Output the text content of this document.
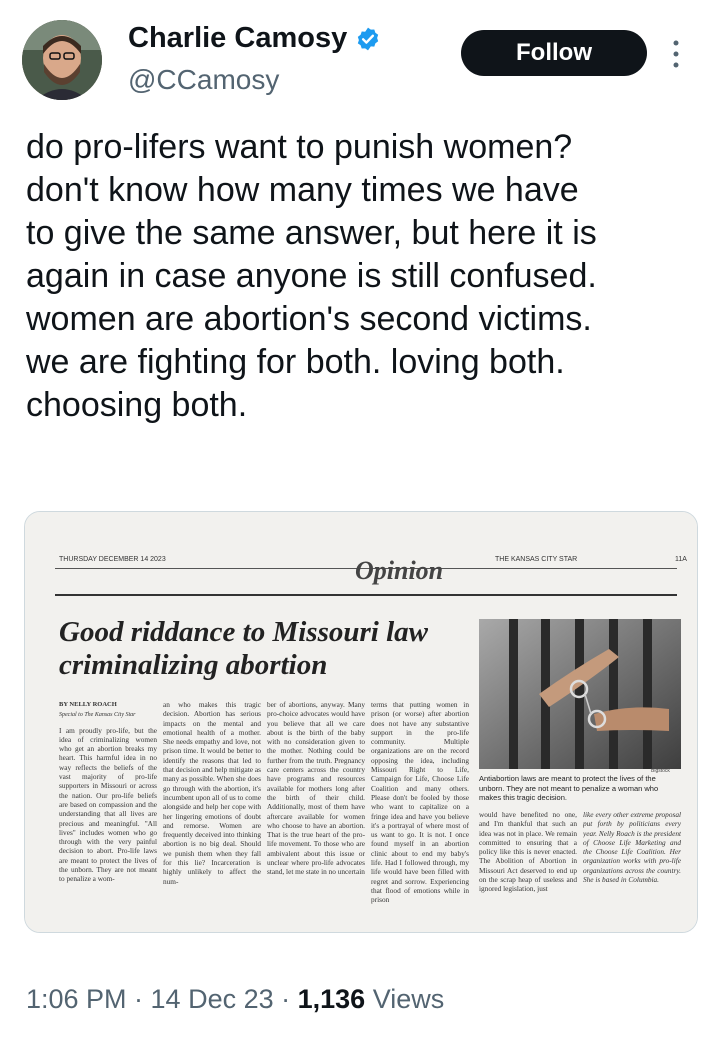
Charlie Camosy
@CCamosy
Follow
do pro-lifers want to punish women?
don't know how many times we have
to give the same answer, but here it is
again in case anyone is still confused.
women are abortion's second victims.
we are fighting for both. loving both.
choosing both.
THURSDAY DECEMBER 14 2023	THE KANSAS CITY STAR	11A
Opinion
Good riddance to Missouri law criminalizing abortion
BY NELLY ROACH
Special to The Kansas City Star
I am proudly pro-life, but the idea of criminalizing women who get an abortion breaks my heart. This harmful idea in no way reflects the beliefs of the vast majority of pro-life supporters in Missouri or across the nation. Our pro-life beliefs are based on compassion and the understanding that all lives are precious and meaningful. "All lives" includes women who go through with the very painful decision to abort. Pro-life laws are meant to protect the lives of the unborn. They are not meant to penalize a wom-
an who makes this tragic decision. Abortion has serious impacts on the mental and emotional health of a mother. She needs empathy and love, not prison time. It would be better to identify the reasons that led to that decision and help mitigate as many as possible. When she does go through with the abortion, it's incumbent upon all of us to come alongside and help her cope with her lingering emotions of doubt and remorse. Women are frequently deceived into thinking abortion is no big deal. Should we punish them when they fall for this lie? Incarceration is highly unlikely to affect the num-
ber of abortions, anyway. Many pro-choice advocates would have you believe that all we care about is the birth of the baby with no consideration given to the mother. Nothing could be further from the truth. Pregnancy care centers across the country have programs and resources available for mothers long after the birth of their child. Additionally, most of them have aftercare available for women who choose to have an abortion. That is the true heart of the pro-life movement. To those who are ambivalent about this issue or unclear where pro-life advocates stand, let me state in no uncertain
terms that putting women in prison (or worse) after abortion does not have any substantive support in the pro-life community. Multiple organizations are on the record opposing the idea, including Missouri Right to Life, Campaign for Life, Choose Life Coalition and many others. Please don't be fooled by those who want to capitalize on a fringe idea and have you believe it's a portrayal of where most of us want to go. It is not. I once found myself in an abortion clinic about to end my baby's life. Had I followed through, my life would have been filled with regret and sorrow. Experiencing that flood of emotions while in prison
Bigstock
Antiabortion laws are meant to protect the lives of the unborn. They are not meant to penalize a woman who makes this tragic decision.
would have benefited no one, and I'm thankful that such an idea was not in place. We remain committed to ensuring that a policy like this is never enacted. The Abolition of Abortion in Missouri Act deserved to end up on the scrap heap of useless and ignored legislation, just
like every other extreme proposal put forth by politicians every year. Nelly Roach is the president of Choose Life Marketing and the Choose Life Coalition. Her organization works with pro-life organizations across the country. She is based in Columbia.
1:06 PM · 14 Dec 23 · 1,136 Views
